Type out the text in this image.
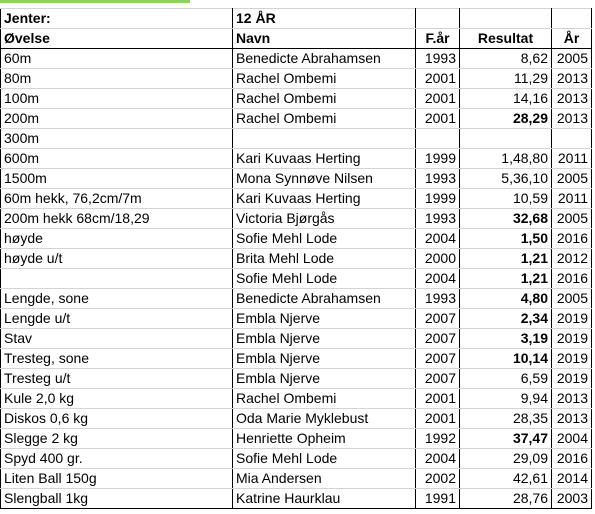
Jenter:	12 ÅR			
Øvelse	Navn	F.år	Resultat	År
60m	Benedicte Abrahamsen	1993	8,62	2005
80m	Rachel Ombemi	2001	11,29	2013
100m	Rachel Ombemi	2001	14,16	2013
200m	Rachel Ombemi	2001	28,29	2013
300m				
600m	Kari Kuvaas Herting	1999	1,48,80	2011
1500m	Mona Synnøve Nilsen	1993	5,36,10	2005
60m hekk, 76,2cm/7m	Kari Kuvaas Herting	1999	10,59	2011
200m hekk 68cm/18,29	Victoria Bjørgås	1993	32,68	2005
høyde	Sofie Mehl Lode	2004	1,50	2016
høyde u/t	Brita Mehl Lode	2000	1,21	2012
	Sofie Mehl Lode	2004	1,21	2016
Lengde, sone	Benedicte Abrahamsen	1993	4,80	2005
Lengde u/t	Embla Njerve	2007	2,34	2019
Stav	Embla Njerve	2007	3,19	2019
Tresteg, sone	Embla Njerve	2007	10,14	2019
Tresteg u/t	Embla Njerve	2007	6,59	2019
Kule 2,0 kg	Rachel Ombemi	2001	9,94	2013
Diskos 0,6 kg	Oda Marie Myklebust	2001	28,35	2013
Slegge 2 kg	Henriette Opheim	1992	37,47	2004
Spyd 400 gr.	Sofie Mehl Lode	2004	29,09	2016
Liten Ball 150g	Mia Andersen	2002	42,61	2014
Slengball 1kg	Katrine Haurklau	1991	28,76	2003
